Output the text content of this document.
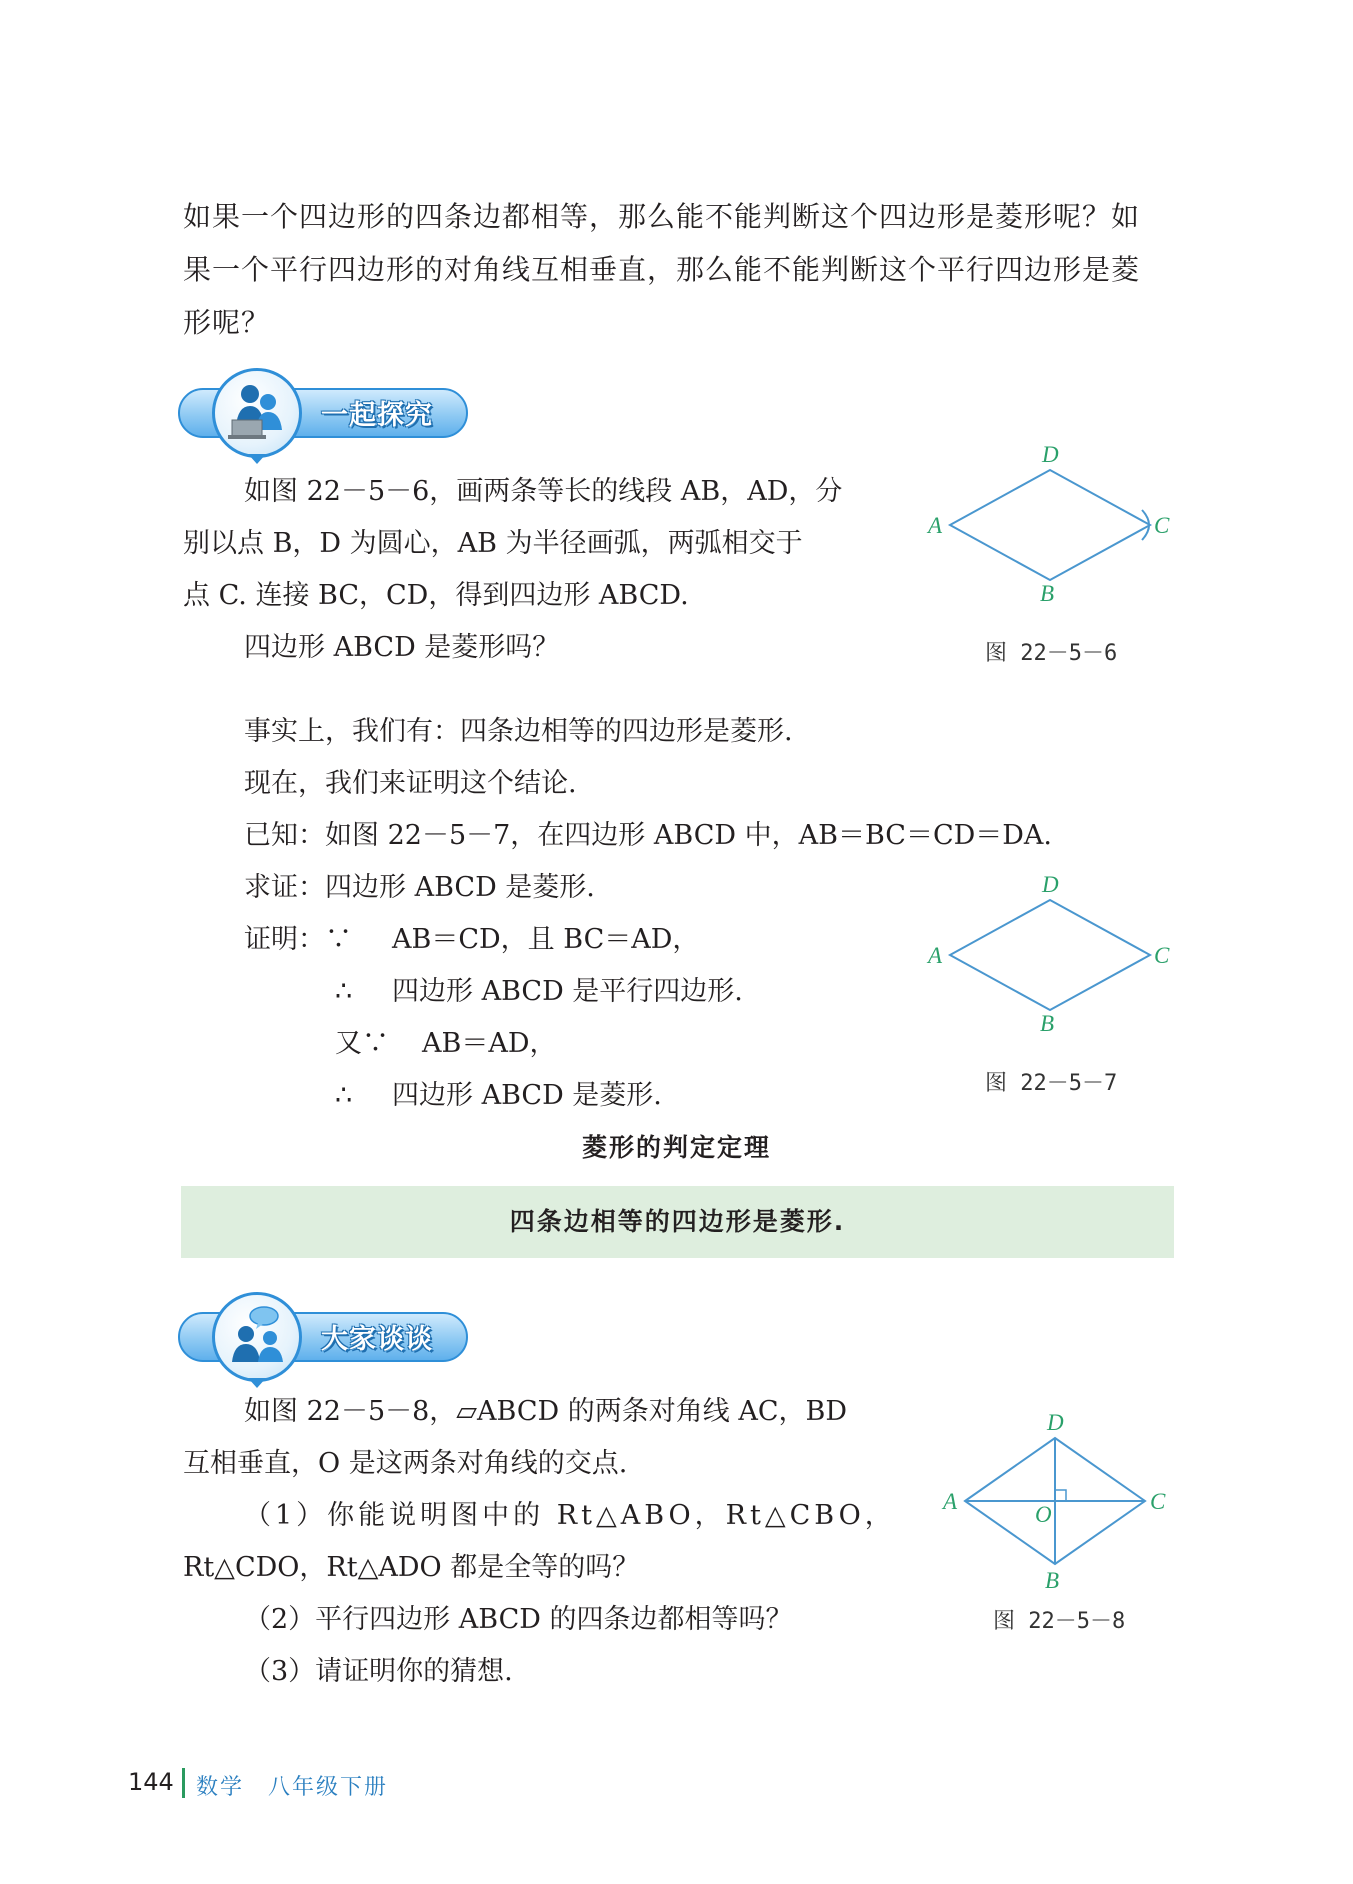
如果一个四边形的四条边都相等，那么能不能判断这个四边形是菱形呢？如

果一个平行四边形的对角线互相垂直，那么能不能判断这个平行四边形是菱

形呢？

一起探究
如图 22－5－6，画两条等长的线段 AB，AD，分
别以点 B，D 为圆心，AB 为半径画弧，两弧相交于
点 C. 连接 BC，CD，得到四边形 ABCD.
四边形 ABCD 是菱形吗？
A
D
C
B
图 22－5－6
事实上，我们有：四条边相等的四边形是菱形.
现在，我们来证明这个结论.
已知：如图 22－5－7，在四边形 ABCD 中，AB＝BC＝CD＝DA.
求证：四边形 ABCD 是菱形.
证明：∵ AB＝CD，且 BC＝AD，
∴ 四边形 ABCD 是平行四边形.
又∵ AB＝AD，
∴ 四边形 ABCD 是菱形.
A
D
C
B
图 22－5－7
菱形的判定定理
四条边相等的四边形是菱形.
大家谈谈
如图 22－5－8，▱ABCD 的两条对角线 AC，BD
互相垂直，O 是这两条对角线的交点.
（1）你能说明图中的 Rt△ABO，Rt△CBO，
Rt△CDO，Rt△ADO 都是全等的吗？
（2）平行四边形 ABCD 的四条边都相等吗？
（3）请证明你的猜想.
A
D
C
B
O
图 22－5－8
144 数学　八年级下册
